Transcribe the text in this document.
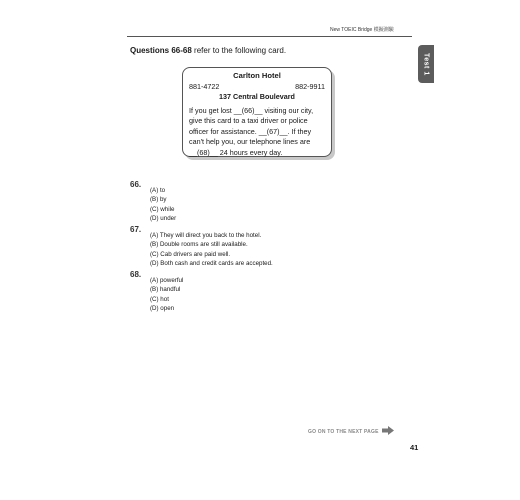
New TOEIC Bridge 模擬測驗
Test 1
Questions 66-68 refer to the following card.
Carlton Hotel
881-4722	882-9911
137 Central Boulevard
If you get lost __(66)__ visiting our city, give this card to a taxi driver or police officer for assistance. __(67)__. If they can't help you, our telephone lines are __(68)__ 24 hours every day.
66.
(A) to
(B) by
(C) while
(D) under
67.
(A) They will direct you back to the hotel.
(B) Double rooms are still available.
(C) Cab drivers are paid well.
(D) Both cash and credit cards are accepted.
68.
(A) powerful
(B) handful
(C) hot
(D) open
GO ON TO THE NEXT PAGE
41
